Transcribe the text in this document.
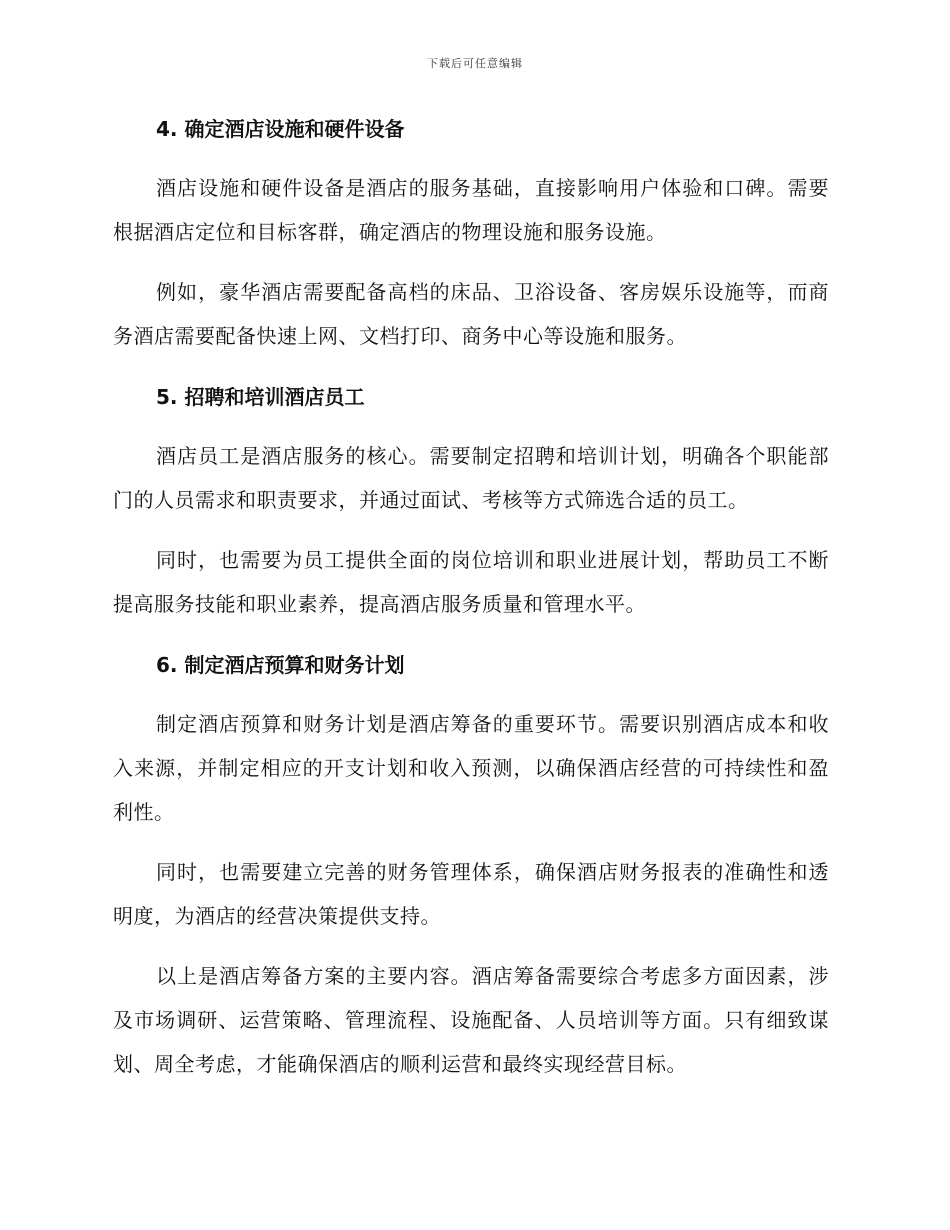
下载后可任意编辑
4. 确定酒店设施和硬件设备

酒店设施和硬件设备是酒店的服务基础，直接影响用户体验和口碑。需要根据酒店定位和目标客群，确定酒店的物理设施和服务设施。

例如，豪华酒店需要配备高档的床品、卫浴设备、客房娱乐设施等，而商务酒店需要配备快速上网、文档打印、商务中心等设施和服务。

5. 招聘和培训酒店员工

酒店员工是酒店服务的核心。需要制定招聘和培训计划，明确各个职能部门的人员需求和职责要求，并通过面试、考核等方式筛选合适的员工。

同时，也需要为员工提供全面的岗位培训和职业进展计划，帮助员工不断提高服务技能和职业素养，提高酒店服务质量和管理水平。

6. 制定酒店预算和财务计划

制定酒店预算和财务计划是酒店筹备的重要环节。需要识别酒店成本和收入来源，并制定相应的开支计划和收入预测，以确保酒店经营的可持续性和盈利性。

同时，也需要建立完善的财务管理体系，确保酒店财务报表的准确性和透明度，为酒店的经营决策提供支持。

以上是酒店筹备方案的主要内容。酒店筹备需要综合考虑多方面因素，涉及市场调研、运营策略、管理流程、设施配备、人员培训等方面。只有细致谋划、周全考虑，才能确保酒店的顺利运营和最终实现经营目标。
